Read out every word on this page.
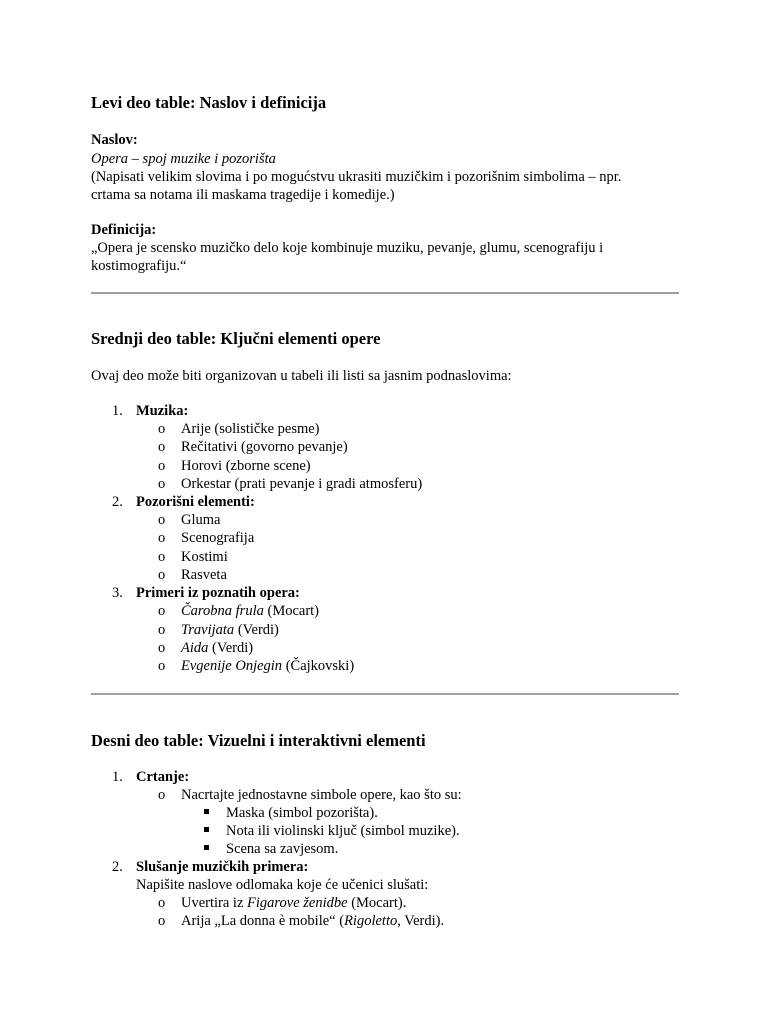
Levi deo table: Naslov i definicija
Naslov:
Opera – spoj muzike i pozorišta
(Napisati velikim slovima i po mogućstvu ukrasiti muzičkim i pozorišnim simbolima – npr.
crtama sa notama ili maskama tragedije i komedije.)
Definicija:
„Opera je scensko muzičko delo koje kombinuje muziku, pevanje, glumu, scenografiju i
kostimografiju.“
Srednji deo table: Ključni elementi opere
Ovaj deo može biti organizovan u tabeli ili listi sa jasnim podnaslovima:
1. Muzika:
o Arije (solističke pesme)
o Rečitativi (govorno pevanje)
o Horovi (zborne scene)
o Orkestar (prati pevanje i gradi atmosferu)
2. Pozorišni elementi:
o Gluma
o Scenografija
o Kostimi
o Rasveta
3. Primeri iz poznatih opera:
o Čarobna frula (Mocart)
o Travijata (Verdi)
o Aida (Verdi)
o Evgenije Onjegin (Čajkovski)
Desni deo table: Vizuelni i interaktivni elementi
1. Crtanje:
o Nacrtajte jednostavne simbole opere, kao što su:
Maska (simbol pozorišta).
Nota ili violinski ključ (simbol muzike).
Scena sa zavjesom.
2. Slušanje muzičkih primera:
Napišite naslove odlomaka koje će učenici slušati:
o Uvertira iz Figarove ženidbe (Mocart).
o Arija „La donna è mobile“ (Rigoletto, Verdi).
